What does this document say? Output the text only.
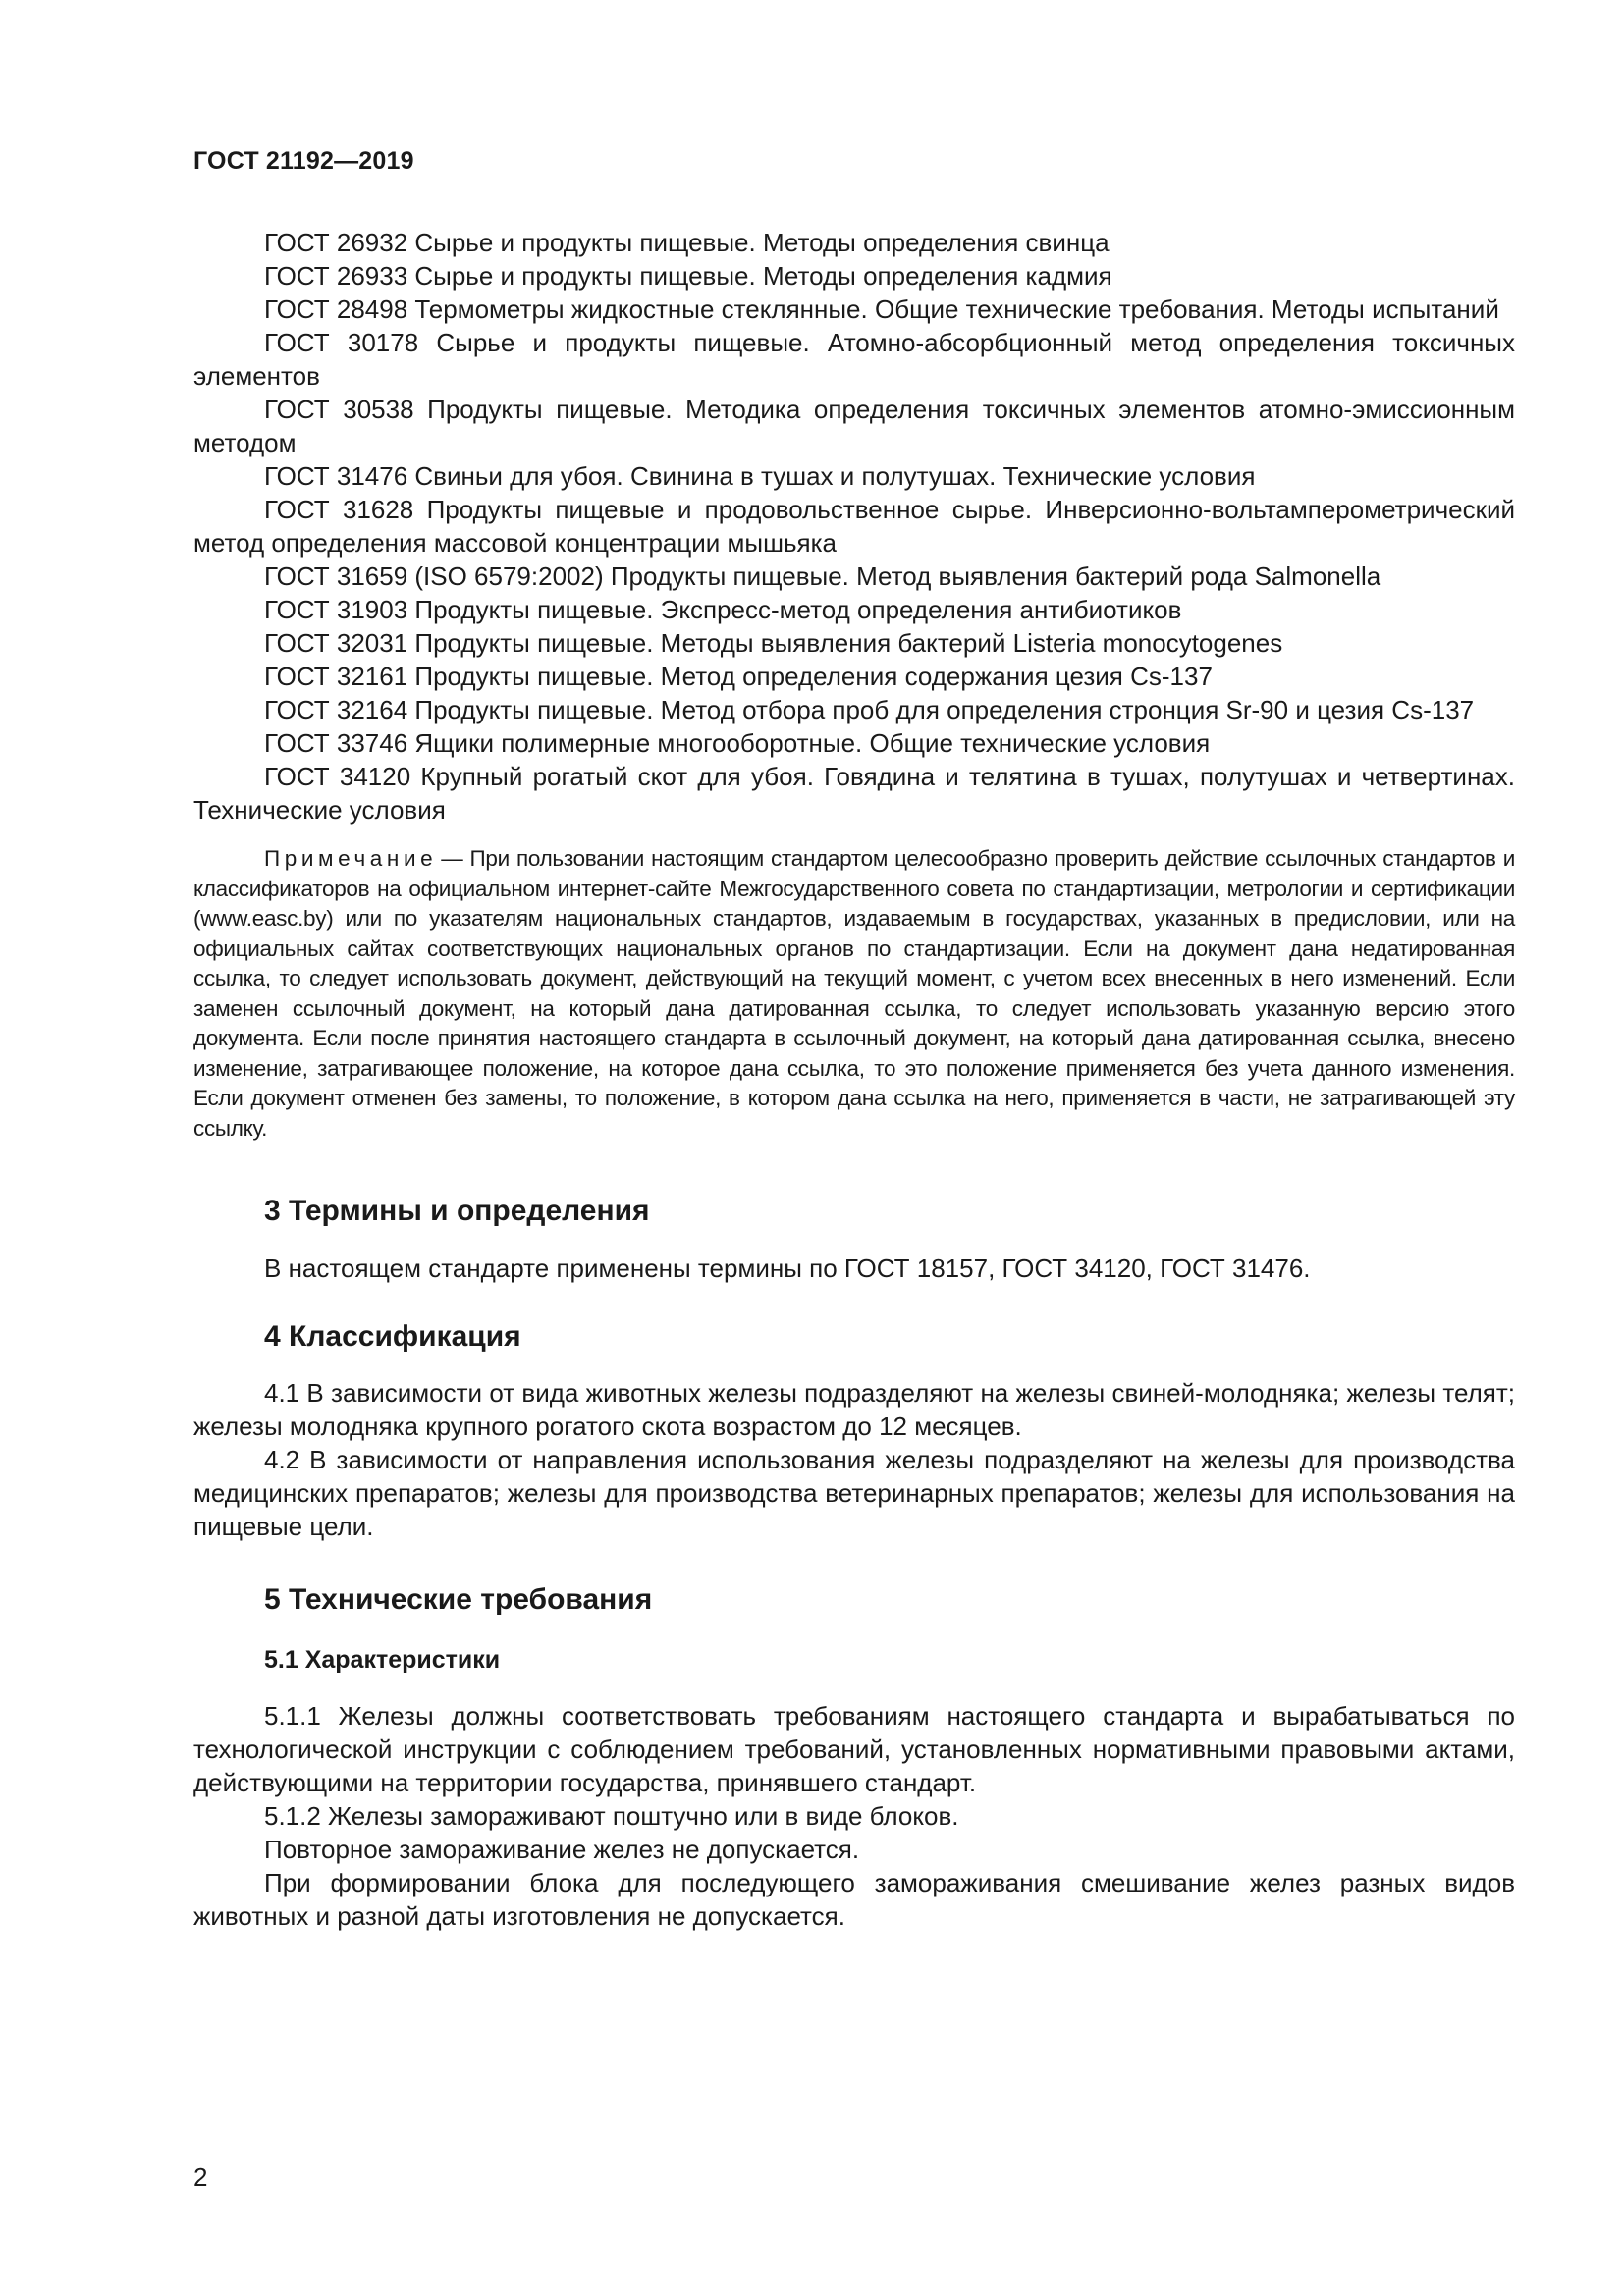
ГОСТ 21192—2019

ГОСТ 26932 Сырье и продукты пищевые. Методы определения свинца

ГОСТ 26933 Сырье и продукты пищевые. Методы определения кадмия

ГОСТ 28498 Термометры жидкостные стеклянные. Общие технические требования. Методы испытаний

ГОСТ 30178 Сырье и продукты пищевые. Атомно-абсорбционный метод определения токсичных элементов

ГОСТ 30538 Продукты пищевые. Методика определения токсичных элементов атомно-эмиссионным методом

ГОСТ 31476 Свиньи для убоя. Свинина в тушах и полутушах. Технические условия

ГОСТ 31628 Продукты пищевые и продовольственное сырье. Инверсионно-вольтамперометрический метод определения массовой концентрации мышьяка

ГОСТ 31659 (ISO 6579:2002) Продукты пищевые. Метод выявления бактерий рода Salmonella

ГОСТ 31903 Продукты пищевые. Экспресс-метод определения антибиотиков

ГОСТ 32031 Продукты пищевые. Методы выявления бактерий Listeria monocytogenes

ГОСТ 32161 Продукты пищевые. Метод определения содержания цезия Cs-137

ГОСТ 32164 Продукты пищевые. Метод отбора проб для определения стронция Sr-90 и цезия Cs-137

ГОСТ 33746 Ящики полимерные многооборотные. Общие технические условия

ГОСТ 34120 Крупный рогатый скот для убоя. Говядина и телятина в тушах, полутушах и четвертинах. Технические условия

Примечание — При пользовании настоящим стандартом целесообразно проверить действие ссылочных стандартов и классификаторов на официальном интернет-сайте Межгосударственного совета по стандартизации, метрологии и сертификации (www.easc.by) или по указателям национальных стандартов, издаваемым в государствах, указанных в предисловии, или на официальных сайтах соответствующих национальных органов по стандартизации. Если на документ дана недатированная ссылка, то следует использовать документ, действующий на текущий момент, с учетом всех внесенных в него изменений. Если заменен ссылочный документ, на который дана датированная ссылка, то следует использовать указанную версию этого документа. Если после принятия настоящего стандарта в ссылочный документ, на который дана датированная ссылка, внесено изменение, затрагивающее положение, на которое дана ссылка, то это положение применяется без учета данного изменения. Если документ отменен без замены, то положение, в котором дана ссылка на него, применяется в части, не затрагивающей эту ссылку.

3 Термины и определения

В настоящем стандарте применены термины по ГОСТ 18157, ГОСТ 34120, ГОСТ 31476.

4 Классификация

4.1 В зависимости от вида животных железы подразделяют на железы свиней-молодняка; железы телят; железы молодняка крупного рогатого скота возрастом до 12 месяцев.

4.2 В зависимости от направления использования железы подразделяют на железы для производства медицинских препаратов; железы для производства ветеринарных препаратов; железы для использования на пищевые цели.

5 Технические требования
5.1 Характеристики

5.1.1 Железы должны соответствовать требованиям настоящего стандарта и вырабатываться по технологической инструкции с соблюдением требований, установленных нормативными правовыми актами, действующими на территории государства, принявшего стандарт.

5.1.2 Железы замораживают поштучно или в виде блоков.

Повторное замораживание желез не допускается.

При формировании блока для последующего замораживания смешивание желез разных видов животных и разной даты изготовления не допускается.

2
